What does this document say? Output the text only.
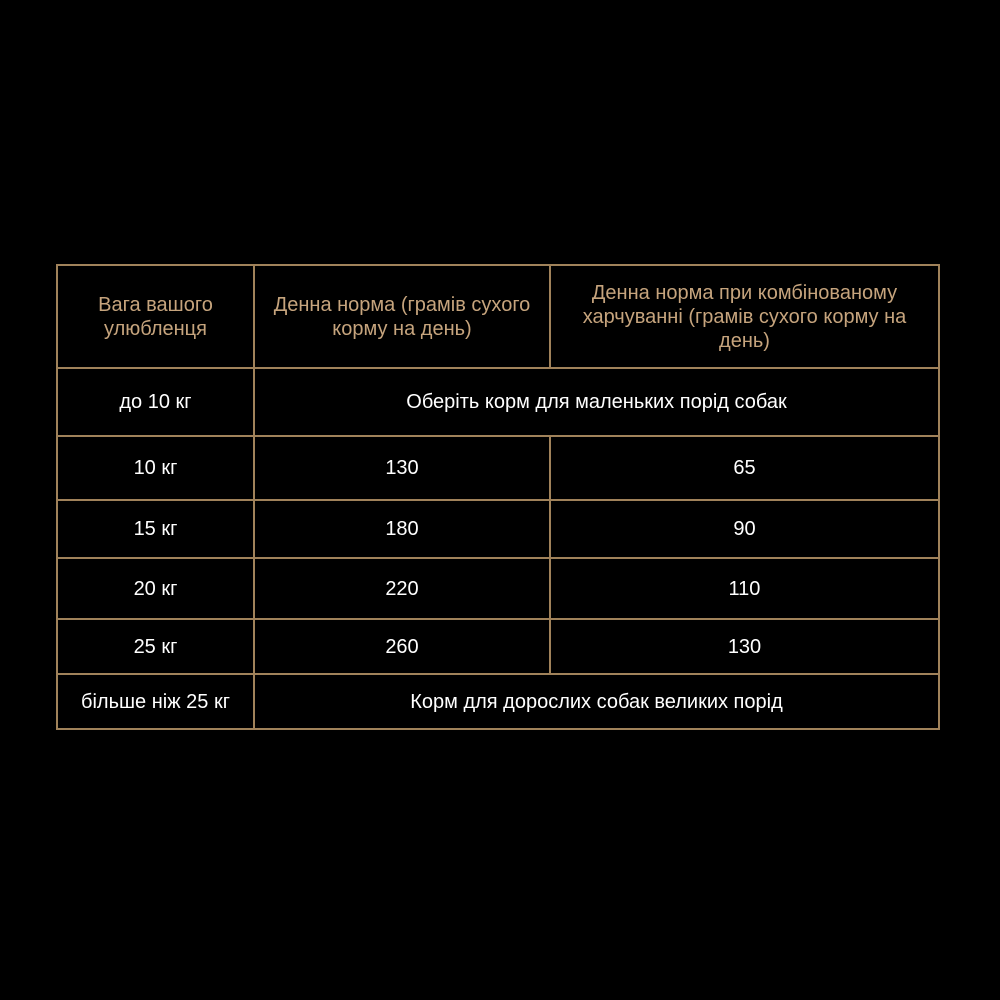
Вага вашого улюбленця	Денна норма (грамів сухого корму на день)	Денна норма при комбінованому харчуванні (грамів сухого корму на день)
до 10 кг	Оберіть корм для маленьких порід собак	
10 кг	130	65
15 кг	180	90
20 кг	220	110
25 кг	260	130
більше ніж 25 кг	Корм для дорослих собак великих порід	
